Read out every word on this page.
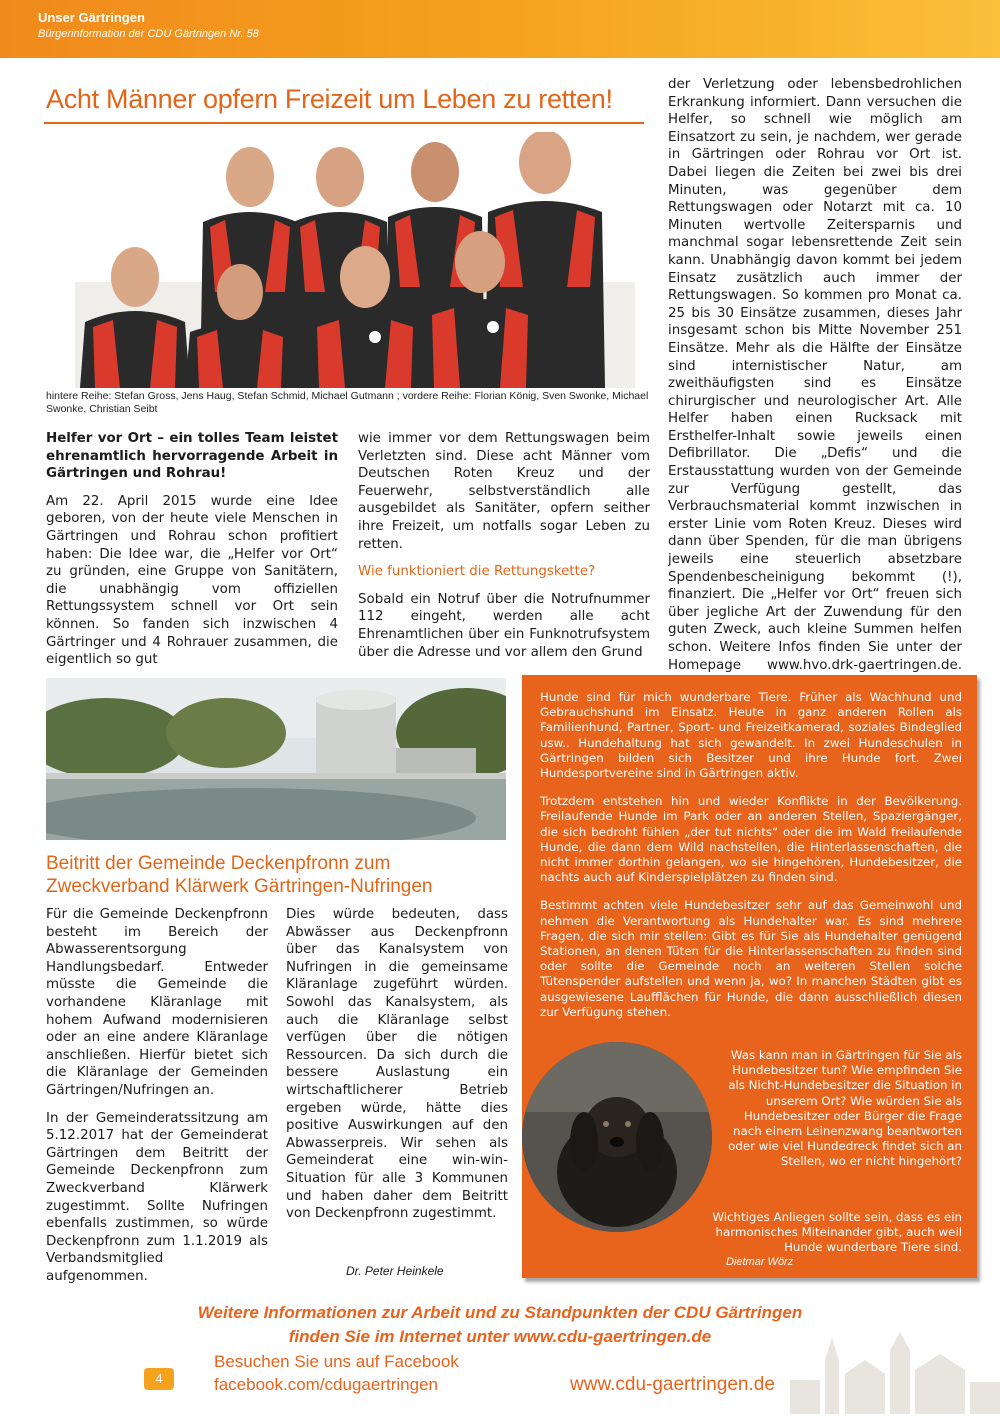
Unser Gärtringen
Bürgerinformation der CDU Gärtringen Nr. 58
Acht Männer opfern Freizeit um Leben zu retten!
hintere Reihe: Stefan Gross, Jens Haug, Stefan Schmid, Michael Gutmann ; vordere Reihe: Florian König, Sven Swonke, Michael Swonke, Christian Seibt

Helfer vor Ort – ein tolles Team leistet ehrenamtlich hervorragende Arbeit in Gärtringen und Rohrau!

Am 22. April 2015 wurde eine Idee geboren, von der heute viele Menschen in Gärtringen und Rohrau schon profitiert haben: Die Idee war, die „Helfer vor Ort“ zu gründen, eine Gruppe von Sanitätern, die unabhängig vom offiziellen Rettungssystem schnell vor Ort sein können. So fanden sich inzwischen 4 Gärtringer und 4 Rohrauer zusammen, die eigentlich so gut

wie immer vor dem Rettungswagen beim Verletzten sind. Diese acht Männer vom Deutschen Roten Kreuz und der Feuerwehr, selbstverständlich alle ausgebildet als Sanitäter, opfern seither ihre Freizeit, um notfalls sogar Leben zu retten.

Wie funktioniert die Rettungskette?

Sobald ein Notruf über die Notrufnummer 112 eingeht, werden alle acht Ehrenamtlichen über ein Funknotrufsystem über die Adresse und vor allem den Grund

der Verletzung oder lebensbedrohlichen Erkrankung informiert. Dann versuchen die Helfer, so schnell wie möglich am Einsatzort zu sein, je nachdem, wer gerade in Gärtringen oder Rohrau vor Ort ist. Dabei liegen die Zeiten bei zwei bis drei Minuten, was gegenüber dem Rettungswagen oder Notarzt mit ca. 10 Minuten wertvolle Zeitersparnis und manchmal sogar lebensrettende Zeit sein kann. Unabhängig davon kommt bei jedem Einsatz zusätzlich auch immer der Rettungswagen. So kommen pro Monat ca. 25 bis 30 Einsätze zusammen, dieses Jahr insgesamt schon bis Mitte November 251 Einsätze. Mehr als die Hälfte der Einsätze sind internistischer Natur, am zweithäufigsten sind es Einsätze chirurgischer und neurologischer Art. Alle Helfer haben einen Rucksack mit Ersthelfer-Inhalt sowie jeweils einen Defibrillator. Die „Defis“ und die Erstausstattung wurden von der Gemeinde zur Verfügung gestellt, das Verbrauchsmaterial kommt inzwischen in erster Linie vom Roten Kreuz. Dieses wird dann über Spenden, für die man übrigens jeweils eine steuerlich absetzbare Spendenbescheinigung bekommt (!), finanziert. Die „Helfer vor Ort“ freuen sich über jegliche Art der Zuwendung für den guten Zweck, auch kleine Summen helfen schon. Weitere Infos finden Sie unter der Homepage www.hvo.drk-gaertringen.de.

Beitritt der Gemeinde Deckenpfronn zum Zweckverband Klärwerk Gärtringen-Nufringen

Für die Gemeinde Deckenpfronn besteht im Bereich der Abwasserentsorgung Handlungsbedarf. Entweder müsste die Gemeinde die vorhandene Kläranlage mit hohem Aufwand modernisieren oder an eine andere Kläranlage anschließen. Hierfür bietet sich die Kläranlage der Gemeinden Gärtringen/Nufringen an.

In der Gemeinderatssitzung am 5.12.2017 hat der Gemeinderat Gärtringen dem Beitritt der Gemeinde Deckenpfronn zum Zweckverband Klärwerk zugestimmt. Sollte Nufringen ebenfalls zustimmen, so würde Deckenpfronn zum 1.1.2019 als Verbandsmitglied aufgenommen.

Dies würde bedeuten, dass Abwässer aus Deckenpfronn über das Kanalsystem von Nufringen in die gemeinsame Kläranlage zugeführt würden. Sowohl das Kanalsystem, als auch die Kläranlage selbst verfügen über die nötigen Ressourcen. Da sich durch die bessere Auslastung ein wirtschaftlicherer Betrieb ergeben würde, hätte dies positive Auswirkungen auf den Abwasserpreis. Wir sehen als Gemeinderat eine win-win-Situation für alle 3 Kommunen und haben daher dem Beitritt von Deckenpfronn zugestimmt.

Dr. Peter Heinkele

Hunde sind für mich wunderbare Tiere. Früher als Wachhund und Gebrauchshund im Einsatz. Heute in ganz anderen Rollen als Familienhund, Partner, Sport- und Freizeitkamerad, soziales Bindeglied usw.. Hundehaltung hat sich gewandelt. In zwei Hundeschulen in Gärtringen bilden sich Besitzer und ihre Hunde fort. Zwei Hundesportvereine sind in Gärtringen aktiv.

Trotzdem entstehen hin und wieder Konflikte in der Bevölkerung. Freilaufende Hunde im Park oder an anderen Stellen, Spaziergänger, die sich bedroht fühlen „der tut nichts“ oder die im Wald freilaufende Hunde, die dann dem Wild nachstellen, die Hinterlassenschaften, die nicht immer dorthin gelangen, wo sie hingehören, Hundebesitzer, die nachts auch auf Kinderspielplätzen zu finden sind.

Bestimmt achten viele Hundebesitzer sehr auf das Gemeinwohl und nehmen die Verantwortung als Hundehalter war. Es sind mehrere Fragen, die sich mir stellen: Gibt es für Sie als Hundehalter genügend Stationen, an denen Tüten für die Hinterlassenschaften zu finden sind oder sollte die Gemeinde noch an weiteren Stellen solche Tütenspender aufstellen und wenn ja, wo? In manchen Städten gibt es ausgewiesene Laufflächen für Hunde, die dann ausschließlich diesen zur Verfügung stehen.

Was kann man in Gärtringen für Sie als Hundebesitzer tun? Wie empfinden Sie als Nicht-Hundebesitzer die Situation in unserem Ort? Wie würden Sie als Hundebesitzer oder Bürger die Frage nach einem Leinenzwang beantworten oder wie viel Hundedreck findet sich an Stellen, wo er nicht hingehört?
Wichtiges Anliegen sollte sein, dass es ein harmonisches Miteinander gibt, auch weil Hunde wunderbare Tiere sind.
Dietmar Wörz
Weitere Informationen zur Arbeit und zu Standpunkten der CDU Gärtringen
finden Sie im Internet unter www.cdu-gaertringen.de
4
Besuchen Sie uns auf Facebook
facebook.com/cdugaertringen	www.cdu-gaertringen.de
